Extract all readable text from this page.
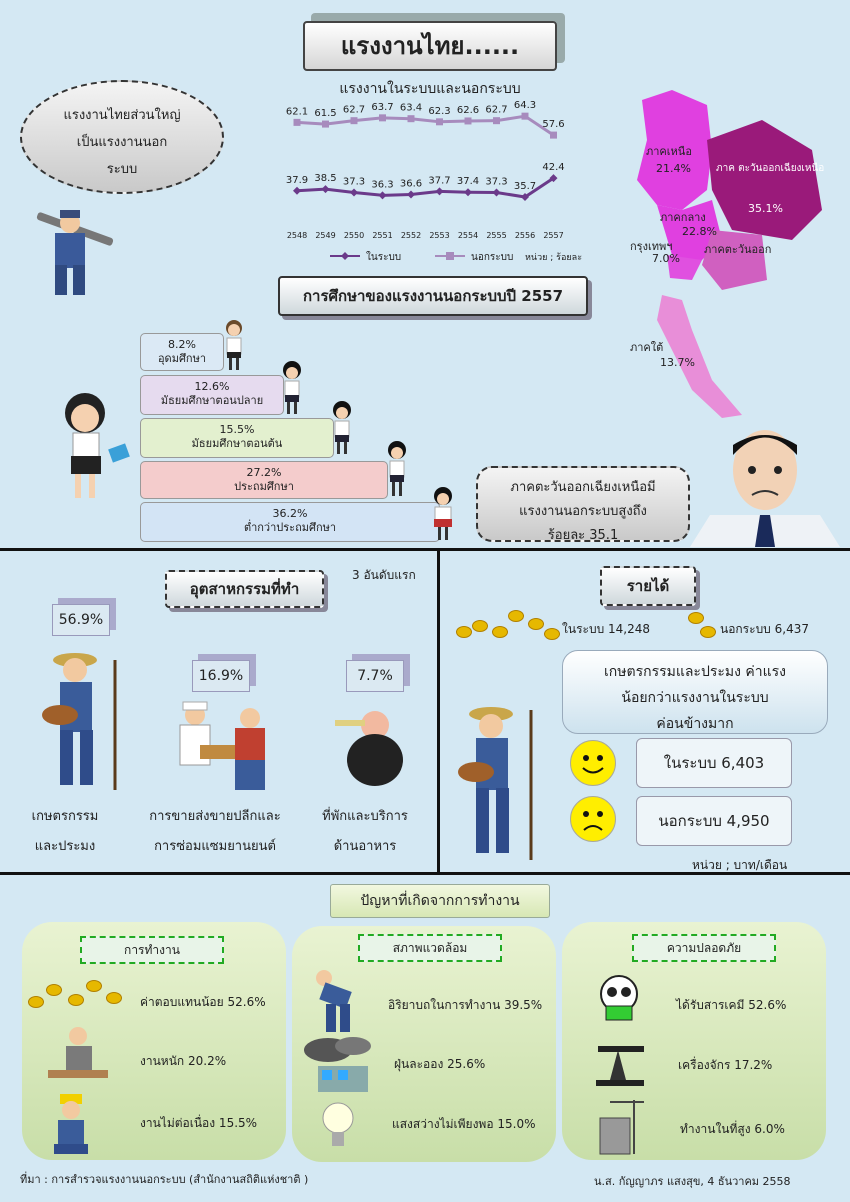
แรงงานไทย......
แรงงานไทยส่วนใหญ่
เป็นแรงงานนอก
ระบบ
แรงงานในระบบและนอกระบบ
37.9 38.5 37.3 36.3 36.6 37.7 37.4 37.3 35.7
42.4
62.1 61.5 62.7 63.7 63.4 62.3 62.6 62.7 64.3
57.6
2548 2549 2550 2551 2552 2553 2554 2555 2556 2557
ในระบบ	นอกระบบ หน่วย ; ร้อยละ
ภาคเหนือ
21.4%	ภาค ตะวันออกเฉียงเหนือ
35.1%
ภาคกลาง
22.8%
กรุงเทพฯ
7.0%
ภาคตะวันออก
ภาคใต้
13.7%
การศึกษาของแรงงานนอกระบบปี 2557
8.2%
อุดมศึกษา
12.6%
มัธยมศึกษาตอนปลาย
15.5%
มัธยมศึกษาตอนต้น
27.2%
ประถมศึกษา
36.2%
ต่ำกว่าประถมศึกษา
ภาคตะวันออกเฉียงเหนือมี
แรงงานนอกระบบสูงถึง
ร้อยละ 35.1
อุตสาหกรรมที่ทำ
3 อันดับแรก
56.9%
16.9%	7.7%
เกษตรกรรม
และประมง
การขายส่งขายปลีกและ
การซ่อมแซมยานยนต์
ที่พักและบริการ
ด้านอาหาร
รายได้
ในระบบ 14,248	นอกระบบ 6,437
เกษตรกรรมและประมง ค่าแรง
น้อยกว่าแรงงานในระบบ
ค่อนข้างมาก
ในระบบ 6,403
นอกระบบ 4,950
หน่วย ; บาท/เดือน
ปัญหาที่เกิดจากการทำงาน
การทำงาน	สภาพแวดล้อม	ความปลอดภัย
ค่าตอบแทนน้อย 52.6%
งานหนัก 20.2%
งานไม่ต่อเนื่อง 15.5%
อิริยาบถในการทำงาน 39.5%
ฝุ่นละออง 25.6%
แสงสว่างไม่เพียงพอ 15.0%
ได้รับสารเคมี 52.6%
เครื่องจักร 17.2%
ทำงานในที่สูง 6.0%
ที่มา : การสำรวจแรงงานนอกระบบ (สำนักงานสถิติแห่งชาติ )	น.ส. กัญญาภร แสงสุข, 4 ธันวาคม 2558
